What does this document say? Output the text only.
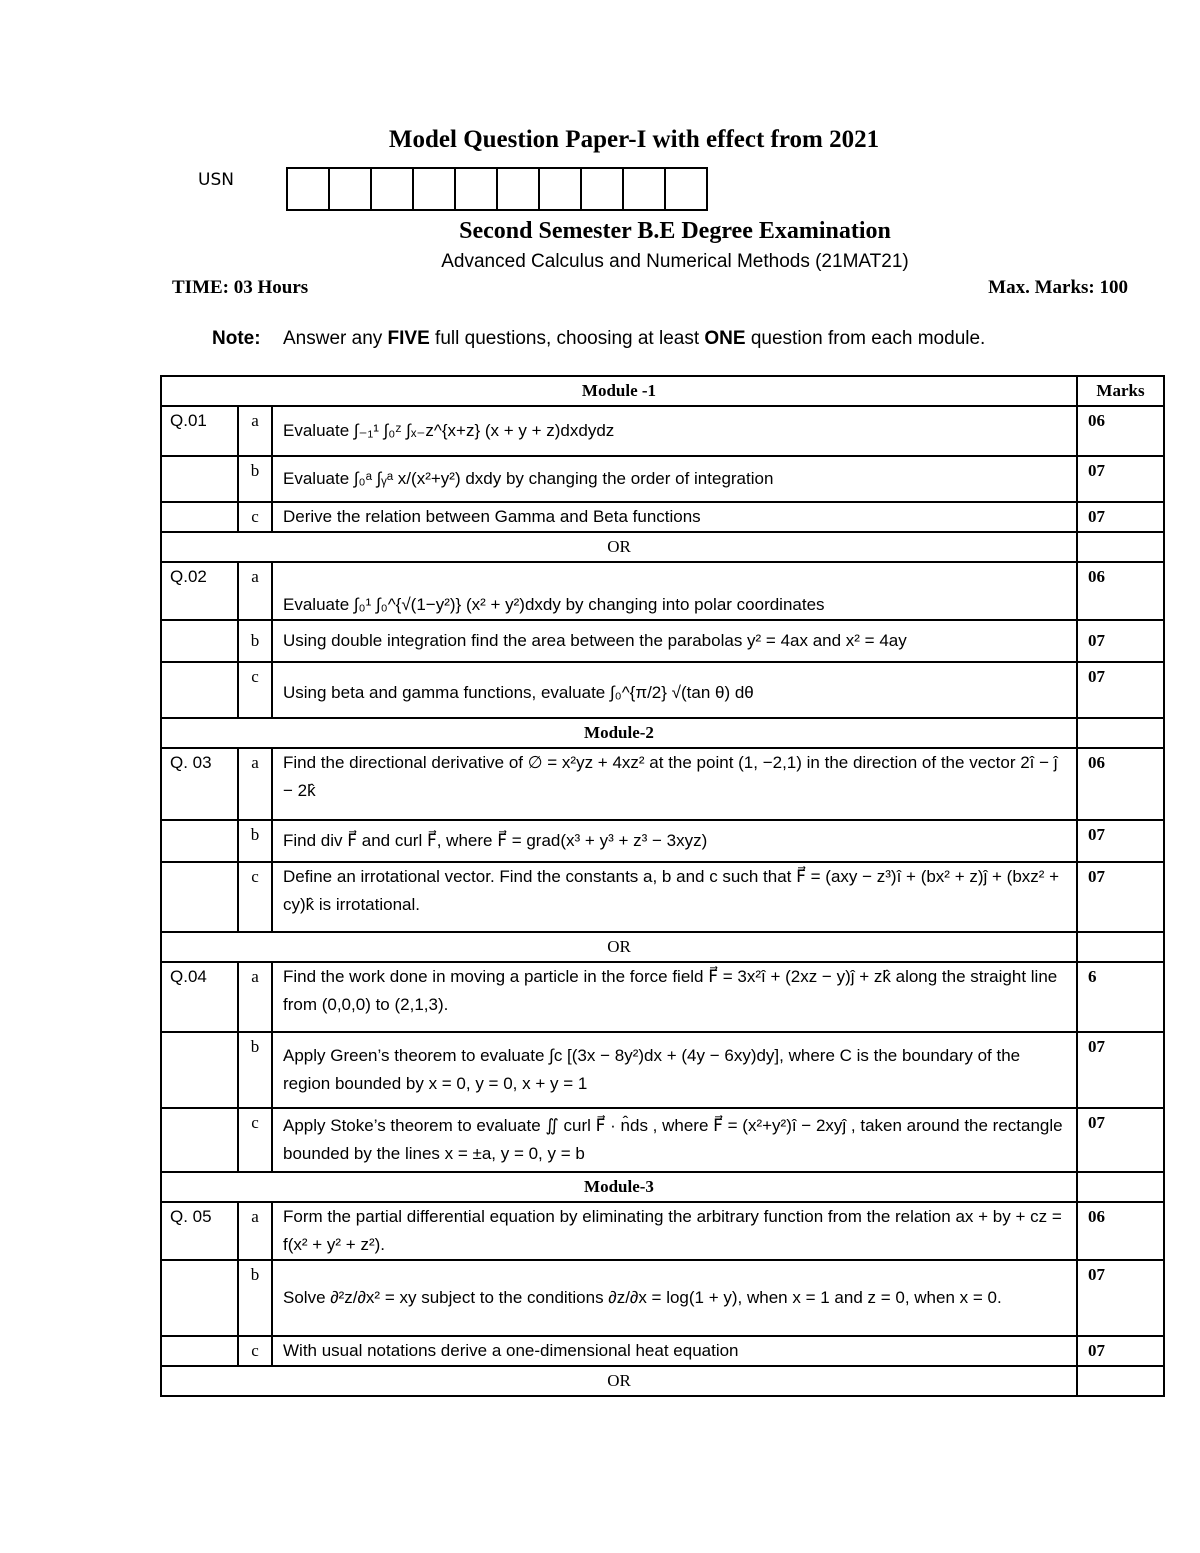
Model Question Paper-I with effect from 2021
USN
Second Semester B.E Degree Examination
Advanced Calculus and Numerical Methods (21MAT21)
TIME: 03 Hours	Max. Marks: 100
Note: Answer any FIVE full questions, choosing at least ONE question from each module.
Module -1			Marks
Q.01	a	Evaluate ∫₋₁¹ ∫₀ᶻ ∫ₓ₋z^{x+z} (x + y + z)dxdydz	06
	b	Evaluate ∫₀ᵃ ∫ᵧᵃ x/(x²+y²) dxdy by changing the order of integration	07
	c	Derive the relation between Gamma and Beta functions	07
OR			
Q.02	a	Evaluate ∫₀¹ ∫₀^{√(1−y²)} (x² + y²)dxdy by changing into polar coordinates	06
	b	Using double integration find the area between the parabolas y² = 4ax and x² = 4ay	07
	c	Using beta and gamma functions, evaluate ∫₀^{π/2} √(tan θ) dθ	07
Module-2			
Q. 03	a	Find the directional derivative of ∅ = x²yz + 4xz² at the point (1, −2,1) in the direction of the vector 2î − ĵ − 2k̂	06
	b	Find div F⃗ and curl F⃗, where F⃗ = grad(x³ + y³ + z³ − 3xyz)	07
	c	Define an irrotational vector. Find the constants a, b and c such that F⃗ = (axy − z³)î + (bx² + z)ĵ + (bxz² + cy)k̂ is irrotational.	07
OR			
Q.04	a	Find the work done in moving a particle in the force field F⃗ = 3x²î + (2xz − y)ĵ + zk̂ along the straight line from (0,0,0) to (2,1,3).	6
	b	Apply Green’s theorem to evaluate ∫c [(3x − 8y²)dx + (4y − 6xy)dy], where C is the boundary of the region bounded by x = 0, y = 0, x + y = 1	07
	c	Apply Stoke’s theorem to evaluate ∬ curl F⃗ · n̂ds , where F⃗ = (x²+y²)î − 2xyĵ , taken around the rectangle bounded by the lines x = ±a, y = 0, y = b	07
Module-3			
Q. 05	a	Form the partial differential equation by eliminating the arbitrary function from the relation ax + by + cz = f(x² + y² + z²).	06
	b	Solve ∂²z/∂x² = xy subject to the conditions ∂z/∂x = log(1 + y), when x = 1 and z = 0, when x = 0.	07
	c	With usual notations derive a one-dimensional heat equation	07
OR			
